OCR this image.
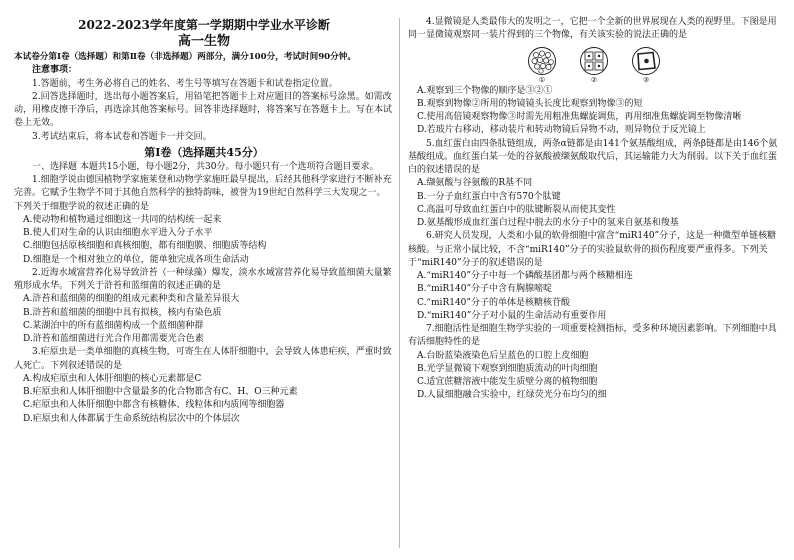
2022-2023学年度第一学期期中学业水平诊断

高一生物

本试卷分第Ⅰ卷（选择题）和第Ⅱ卷（非选择题）两部分，满分100分，考试时间90分钟。

注意事项：

1.答题前，考生务必将自己的姓名、考生号等填写在答题卡和试卷指定位置。

2.回答选择题时，选出每小题答案后，用铅笔把答题卡上对应题目的答案标号涂黑。如需改动，用橡皮擦干净后，再选涂其他答案标号。回答非选择题时，将答案写在答题卡上。写在本试卷上无效。

3.考试结束后，将本试卷和答题卡一并交回。

第Ⅰ卷（选择题共45分）

一、选择题 本题共15小题，每小题2分，共30分。每小题只有一个选项符合题目要求。

1.细胞学说由德国植物学家施莱登和动物学家施旺最早提出，后经其他科学家进行不断补充完善。它赋予生物学不同于其他自然科学的独特韵味，被誉为19世纪自然科学三大发现之一。下列关于细胞学说的叙述正确的是

A.使动物和植物通过细胞这一共同的结构统一起来

B.使人们对生命的认识由细胞水平进入分子水平

C.细胞包括原核细胞和真核细胞，都有细胞膜、细胞质等结构

D.细胞是一个相对独立的单位，能单独完成各项生命活动

2.近海水域富营养化易导致浒苔（一种绿藻）爆发，淡水水域富营养化易导致蓝细菌大量繁殖形成水华。下列关于浒苔和蓝细菌的叙述正确的是

A.浒苔和蓝细菌的细胞的组成元素种类和含量差异很大

B.浒苔和蓝细菌的细胞中具有拟核，核内有染色质

C.某湖泊中的所有蓝细菌构成一个蓝细菌种群

D.浒苔和蓝细菌进行光合作用都需要光合色素

3.疟原虫是一类单细胞的真核生物，可寄生在人体肝细胞中，会导致人体患疟疾，严重时致人死亡。下列叙述错误的是

A.构成疟原虫和人体肝细胞的核心元素都是C

B.疟原虫和人体肝细胞中含量最多的化合物都含有C、H、O三种元素

C.疟原虫和人体肝细胞中都含有核糖体、线粒体和内质网等细胞器

D.疟原虫和人体都属于生命系统结构层次中的个体层次

4.显微镜是人类最伟大的发明之一，它把一个全新的世界展现在人类的视野里。下图是用同一显微镜观察同一装片得到的三个物像，有关该实验的说法正确的是

①	②	③

A.观察到三个物像的顺序是③②①

B.观察到物像②所用的物镜镜头长度比观察到物像③的短

C.使用高倍镜观察物像③时需先用粗准焦螺旋调焦，再用细准焦螺旋调至物像清晰

D.若玻片右移动，移动装片和转动物镜后异物不动，则异物位于反光镜上

5.血红蛋白由四条肽链组成，两条α链都是由141个氨基酸组成，两条β链都是由146个氨基酸组成。血红蛋白某一处的谷氨酸被缬氨酸取代后，其运输能力大为削弱。以下关于血红蛋白的叙述错误的是

A.缬氨酸与谷氨酸的R基不同

B.一分子血红蛋白中含有570个肽键

C.高温可导致血红蛋白中的肽键断裂从而使其变性

D.氨基酸形成血红蛋白过程中脱去的水分子中的氢来自氨基和羧基

6.研究人员发现，人类和小鼠的软骨细胞中富含“miR140”分子，这是一种微型单链核糖核酸。与正常小鼠比较，不含“miR140”分子的实验鼠软骨的损伤程度要严重得多。下列关于“miR140”分子的叙述错误的是

A.“miR140”分子中每一个磷酸基团都与两个核糖相连

B.“miR140”分子中含有胸腺嘧啶

C.“miR140”分子的单体是核糖核苷酸

D.“miR140”分子对小鼠的生命活动有重要作用

7.细胞活性是细胞生物学实验的一项重要检测指标，受多种环境因素影响。下列细胞中具有活细胞特性的是

A.台盼蓝染液染色后呈蓝色的口腔上皮细胞

B.光学显微镜下观察到细胞质流动的叶肉细胞

C.适宜蔗糖溶液中能发生质壁分离的植物细胞

D.人鼠细胞融合实验中，红绿荧光分布均匀的细
